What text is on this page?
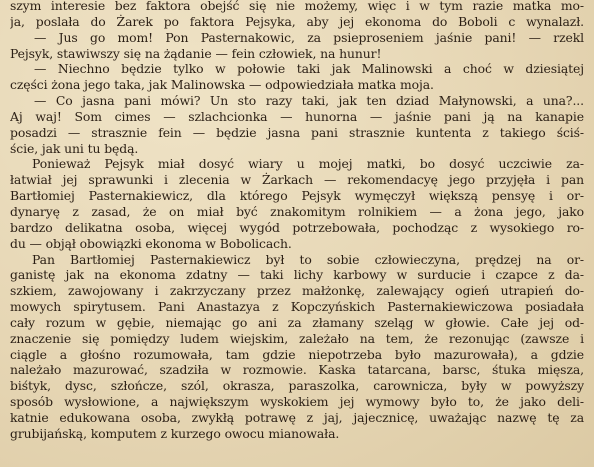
szym interesie bez faktora obejść się nie możemy, więc i w tym razie matka mo-
ja, poslała do Żarek po faktora Pejsyka, aby jej ekonoma do Boboli c wynalazł.
— Jus go mom! Pon Pasternakowic, za psieproseniem jaśnie pani! — rzekl
Pejsyk, stawiwszy się na żądanie — fein człowiek, na hunur!
— Niechno będzie tylko w połowie taki jak Malinowski a choć w dziesiątej
części żona jego taka, jak Malinowska — odpowiedziała matka moja.
— Co jasna pani mówi? Un sto razy taki, jak ten dziad Małynowski, a una?...
Aj waj! Som cimes — szlachcionka — hunorna — jaśnie pani ją na kanapie
posadzi — strasznie fein — będzie jasna pani strasznie kuntenta z takiego ściś-
ście, jak uni tu będą.
Ponieważ Pejsyk miał dosyć wiary u mojej matki, bo dosyć uczciwie za-
łatwiał jej sprawunki i zlecenia w Żarkach — rekomendacyę jego przyjęła i pan
Bartłomiej Pasternakiewicz, dla którego Pejsyk wymęczył większą pensyę i or-
dynaryę z zasad, że on miał być znakomitym rolnikiem — a żona jego, jako
bardzo delikatna osoba, więcej wygód potrzebowała, pochodząc z wysokiego ro-
du — objął obowiązki ekonoma w Bobolicach.
Pan Bartłomiej Pasternakiewicz był to sobie człowieczyna, prędzej na or-
ganistę jak na ekonoma zdatny — taki lichy karbowy w surducie i czapce z da-
szkiem, zawojowany i zakrzyczany przez małżonkę, zalewający ogień utrapień do-
mowych spirytusem. Pani Anastazya z Kopczyńskich Pasternakiewiczowa posiadała
cały rozum w gębie, niemając go ani za złamany szeląg w głowie. Całe jej od-
znaczenie się pomiędzy ludem wiejskim, zależało na tem, że rezonując (zawsze i
ciągle a głośno rozumowała, tam gdzie niepotrzeba było mazurowała), a gdzie
należało mazurować, szadziła w rozmowie. Kaska tatarcana, barsc, śtuka mięsza,
biśtyk, dysc, szłończe, szól, okrasza, paraszolka, carownicza, były w powyższy
sposób wysłowione, a największym wyskokiem jej wymowy było to, że jako deli-
katnie edukowana osoba, zwykłą potrawę z jaj, jajecznicę, uważając nazwę tę za
grubijańską, komputem z kurzego owocu mianowała.
